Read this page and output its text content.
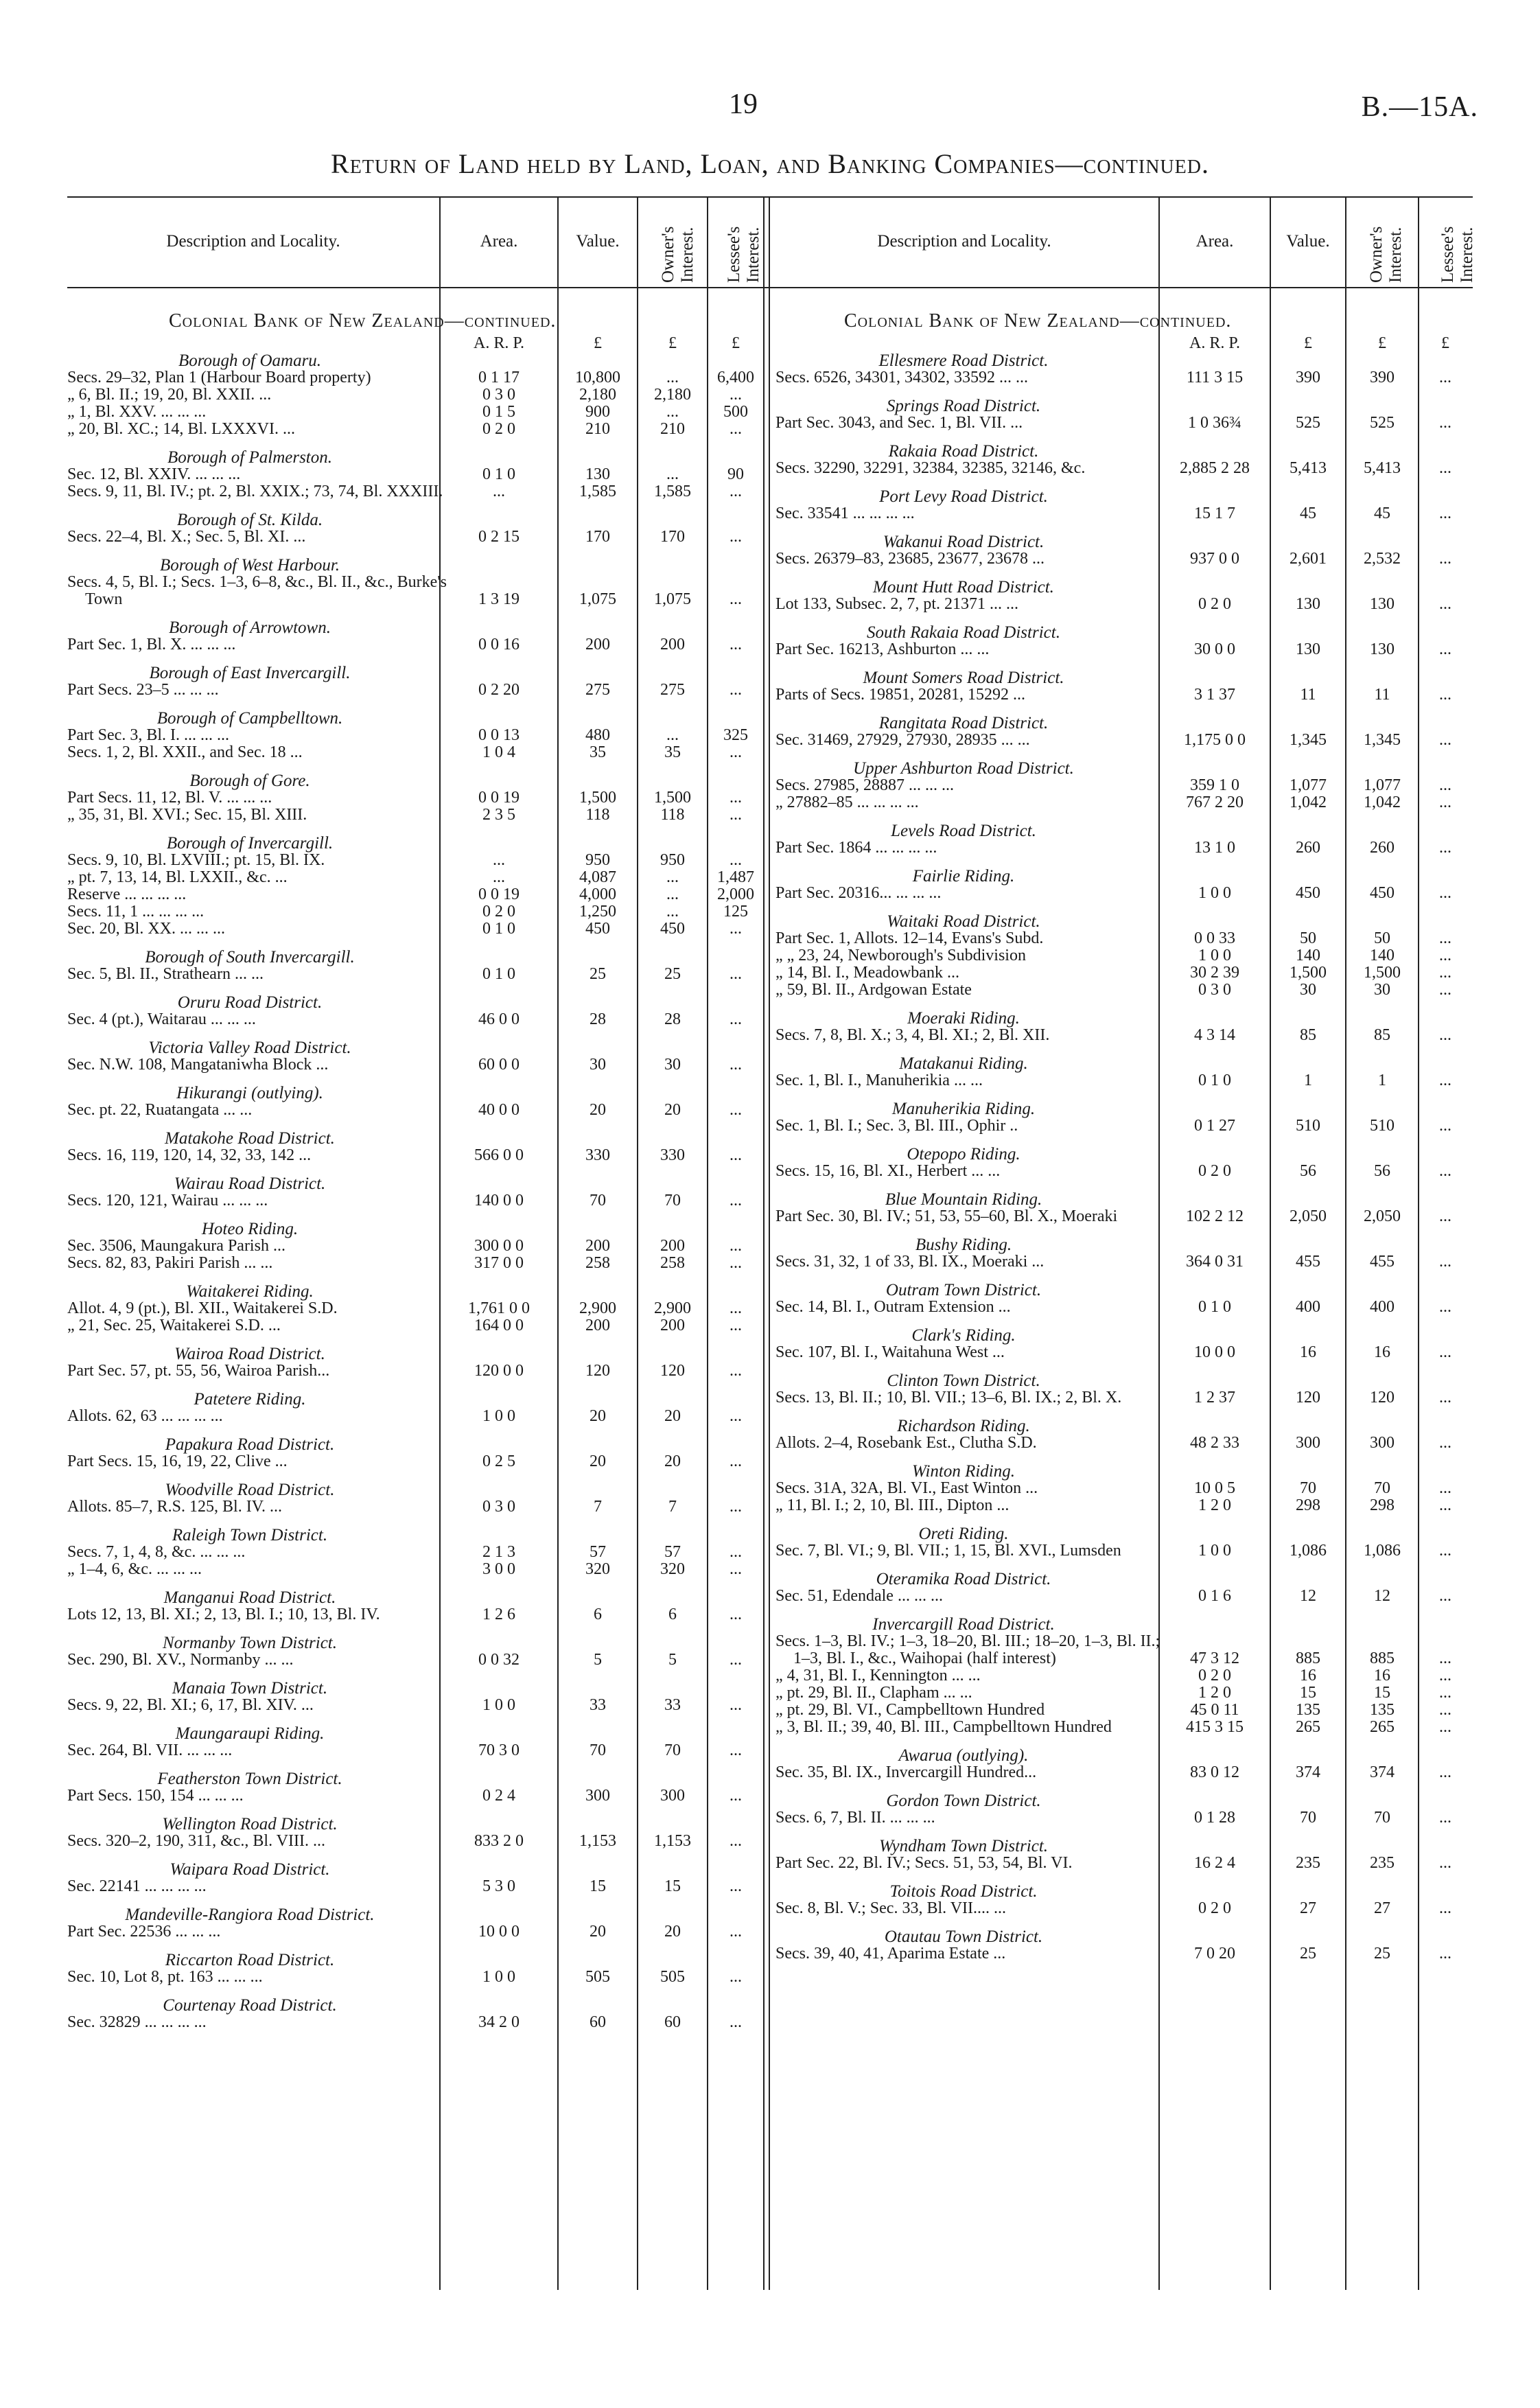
19	B.—15A.
Return of Land held by Land, Loan, and Banking Companies—continued.
Description and Locality.	Area.	Value.	Owner's Interest. Lessee's Interest.	Description and Locality.	Area.	Value.	Owner's Interest. Lessee's Interest.
Colonial Bank of New Zealand—continued.	Colonial Bank of New Zealand—continued.
A. R. P.	£	£	£
Borough of Oamaru.
Secs. 29–32, Plan 1 (Harbour Board property)	0 1 17	10,800	...	6,400
„ 6, Bl. II.; 19, 20, Bl. XXII. ...	0 3 0	2,180	2,180	...
„ 1, Bl. XXV. ... ... ...	0 1 5	900	...	500
„ 20, Bl. XC.; 14, Bl. LXXXVI. ...	0 2 0	210	210	...
Borough of Palmerston.
Sec. 12, Bl. XXIV. ... ... ...	0 1 0	130	...	90
Secs. 9, 11, Bl. IV.; pt. 2, Bl. XXIX.; 73, 74, Bl. XXXIII.	...	1,585	1,585	...
Borough of St. Kilda.
Secs. 22–4, Bl. X.; Sec. 5, Bl. XI. ...	0 2 15	170	170	...
Borough of West Harbour.
Secs. 4, 5, Bl. I.; Secs. 1–3, 6–8, &c., Bl. II., &c., Burke's Town	1 3 19	1,075	1,075	...
Borough of Arrowtown.
Part Sec. 1, Bl. X. ... ... ...	0 0 16	200	200	...
Borough of East Invercargill.
Part Secs. 23–5 ... ... ...	0 2 20	275	275	...
Borough of Campbelltown.
Part Sec. 3, Bl. I. ... ... ...	0 0 13	480	...	325
Secs. 1, 2, Bl. XXII., and Sec. 18 ...	1 0 4	35	35	...
Borough of Gore.
Part Secs. 11, 12, Bl. V. ... ... ...	0 0 19	1,500	1,500	...
„ 35, 31, Bl. XVI.; Sec. 15, Bl. XIII.	2 3 5	118	118	...
Borough of Invercargill.
Secs. 9, 10, Bl. LXVIII.; pt. 15, Bl. IX.	...	950	950	...
„ pt. 7, 13, 14, Bl. LXXII., &c. ...	...	4,087	...	1,487
Reserve ... ... ... ...	0 0 19	4,000	...	2,000
Secs. 11, 1 ... ... ... ...	0 2 0	1,250	...	125
Sec. 20, Bl. XX. ... ... ...	0 1 0	450	450	...
Borough of South Invercargill.
Sec. 5, Bl. II., Strathearn ... ...	0 1 0	25	25	...
Oruru Road District.
Sec. 4 (pt.), Waitarau ... ... ...	46 0 0	28	28	...
Victoria Valley Road District.
Sec. N.W. 108, Mangataniwha Block ...	60 0 0	30	30	...
Hikurangi (outlying).
Sec. pt. 22, Ruatangata ... ...	40 0 0	20	20	...
Matakohe Road District.
Secs. 16, 119, 120, 14, 32, 33, 142 ...	566 0 0	330	330	...
Wairau Road District.
Secs. 120, 121, Wairau ... ... ...	140 0 0	70	70	...
Hoteo Riding.
Sec. 3506, Maungakura Parish ...	300 0 0	200	200	...
Secs. 82, 83, Pakiri Parish ... ...	317 0 0	258	258	...
Waitakerei Riding.
Allot. 4, 9 (pt.), Bl. XII., Waitakerei S.D.	1,761 0 0	2,900	2,900	...
„ 21, Sec. 25, Waitakerei S.D. ...	164 0 0	200	200	...
Wairoa Road District.
Part Sec. 57, pt. 55, 56, Wairoa Parish...	120 0 0	120	120	...
Patetere Riding.
Allots. 62, 63 ... ... ... ...	1 0 0	20	20	...
Papakura Road District.
Part Secs. 15, 16, 19, 22, Clive ...	0 2 5	20	20	...
Woodville Road District.
Allots. 85–7, R.S. 125, Bl. IV. ...	0 3 0	7	7	...
Raleigh Town District.
Secs. 7, 1, 4, 8, &c. ... ... ...	2 1 3	57	57	...
„ 1–4, 6, &c. ... ... ...	3 0 0	320	320	...
Manganui Road District.
Lots 12, 13, Bl. XI.; 2, 13, Bl. I.; 10, 13, Bl. IV.	1 2 6	6	6	...
Normanby Town District.
Sec. 290, Bl. XV., Normanby ... ...	0 0 32	5	5	...
Manaia Town District.
Secs. 9, 22, Bl. XI.; 6, 17, Bl. XIV. ...	1 0 0	33	33	...
Maungaraupi Riding.
Sec. 264, Bl. VII. ... ... ...	70 3 0	70	70	...
Featherston Town District.
Part Secs. 150, 154 ... ... ...	0 2 4	300	300	...
Wellington Road District.
Secs. 320–2, 190, 311, &c., Bl. VIII. ...	833 2 0	1,153	1,153	...
Waipara Road District.
Sec. 22141 ... ... ... ...	5 3 0	15	15	...
Mandeville-Rangiora Road District.
Part Sec. 22536 ... ... ...	10 0 0	20	20	...
Riccarton Road District.
Sec. 10, Lot 8, pt. 163 ... ... ...	1 0 0	505	505	...
Courtenay Road District.
Sec. 32829 ... ... ... ...	34 2 0	60	60	...
A. R. P.	£	£	£
Ellesmere Road District.
Secs. 6526, 34301, 34302, 33592 ... ...	111 3 15	390	390	...
Springs Road District.
Part Sec. 3043, and Sec. 1, Bl. VII. ...	1 0 36¾	525	525	...
Rakaia Road District.
Secs. 32290, 32291, 32384, 32385, 32146, &c.	2,885 2 28	5,413	5,413	...
Port Levy Road District.
Sec. 33541 ... ... ... ...	15 1 7	45	45	...
Wakanui Road District.
Secs. 26379–83, 23685, 23677, 23678 ...	937 0 0	2,601	2,532	...
Mount Hutt Road District.
Lot 133, Subsec. 2, 7, pt. 21371 ... ...	0 2 0	130	130	...
South Rakaia Road District.
Part Sec. 16213, Ashburton ... ...	30 0 0	130	130	...
Mount Somers Road District.
Parts of Secs. 19851, 20281, 15292 ...	3 1 37	11	11	...
Rangitata Road District.
Sec. 31469, 27929, 27930, 28935 ... ...	1,175 0 0	1,345	1,345	...
Upper Ashburton Road District.
Secs. 27985, 28887 ... ... ...	359 1 0	1,077	1,077	...
„ 27882–85 ... ... ... ...	767 2 20	1,042	1,042	...
Levels Road District.
Part Sec. 1864 ... ... ... ...	13 1 0	260	260	...
Fairlie Riding.
Part Sec. 20316... ... ... ...	1 0 0	450	450	...
Waitaki Road District.
Part Sec. 1, Allots. 12–14, Evans's Subd.	0 0 33	50	50	...
„ „ 23, 24, Newborough's Subdivision	1 0 0	140	140	...
„ 14, Bl. I., Meadowbank ...	30 2 39	1,500	1,500	...
„ 59, Bl. II., Ardgowan Estate	0 3 0	30	30	...
Moeraki Riding.
Secs. 7, 8, Bl. X.; 3, 4, Bl. XI.; 2, Bl. XII.	4 3 14	85	85	...
Matakanui Riding.
Sec. 1, Bl. I., Manuherikia ... ...	0 1 0	1	1	...
Manuherikia Riding.
Sec. 1, Bl. I.; Sec. 3, Bl. III., Ophir ..	0 1 27	510	510	...
Otepopo Riding.
Secs. 15, 16, Bl. XI., Herbert ... ...	0 2 0	56	56	...
Blue Mountain Riding.
Part Sec. 30, Bl. IV.; 51, 53, 55–60, Bl. X., Moeraki	102 2 12	2,050	2,050	...
Bushy Riding.
Secs. 31, 32, 1 of 33, Bl. IX., Moeraki ...	364 0 31	455	455	...
Outram Town District.
Sec. 14, Bl. I., Outram Extension ...	0 1 0	400	400	...
Clark's Riding.
Sec. 107, Bl. I., Waitahuna West ...	10 0 0	16	16	...
Clinton Town District.
Secs. 13, Bl. II.; 10, Bl. VII.; 13–6, Bl. IX.; 2, Bl. X.	1 2 37	120	120	...
Richardson Riding.
Allots. 2–4, Rosebank Est., Clutha S.D.	48 2 33	300	300	...
Winton Riding.
Secs. 31A, 32A, Bl. VI., East Winton ...	10 0 5	70	70	...
„ 11, Bl. I.; 2, 10, Bl. III., Dipton ...	1 2 0	298	298	...
Oreti Riding.
Sec. 7, Bl. VI.; 9, Bl. VII.; 1, 15, Bl. XVI., Lumsden	1 0 0	1,086	1,086	...
Oteramika Road District.
Sec. 51, Edendale ... ... ...	0 1 6	12	12	...
Invercargill Road District.
Secs. 1–3, Bl. IV.; 1–3, 18–20, Bl. III.; 18–20, 1–3, Bl. II.; 1–3, Bl. I., &c., Waihopai (half interest)	47 3 12	885	885	...
„ 4, 31, Bl. I., Kennington ... ...	0 2 0	16	16	...
„ pt. 29, Bl. II., Clapham ... ...	1 2 0	15	15	...
„ pt. 29, Bl. VI., Campbelltown Hundred	45 0 11	135	135	...
„ 3, Bl. II.; 39, 40, Bl. III., Campbelltown Hundred	415 3 15	265	265	...
Awarua (outlying).
Sec. 35, Bl. IX., Invercargill Hundred...	83 0 12	374	374	...
Gordon Town District.
Secs. 6, 7, Bl. II. ... ... ...	0 1 28	70	70	...
Wyndham Town District.
Part Sec. 22, Bl. IV.; Secs. 51, 53, 54, Bl. VI.	16 2 4	235	235	...
Toitois Road District.
Sec. 8, Bl. V.; Sec. 33, Bl. VII.... ...	0 2 0	27	27	...
Otautau Town District.
Secs. 39, 40, 41, Aparima Estate ...	7 0 20	25	25	...
